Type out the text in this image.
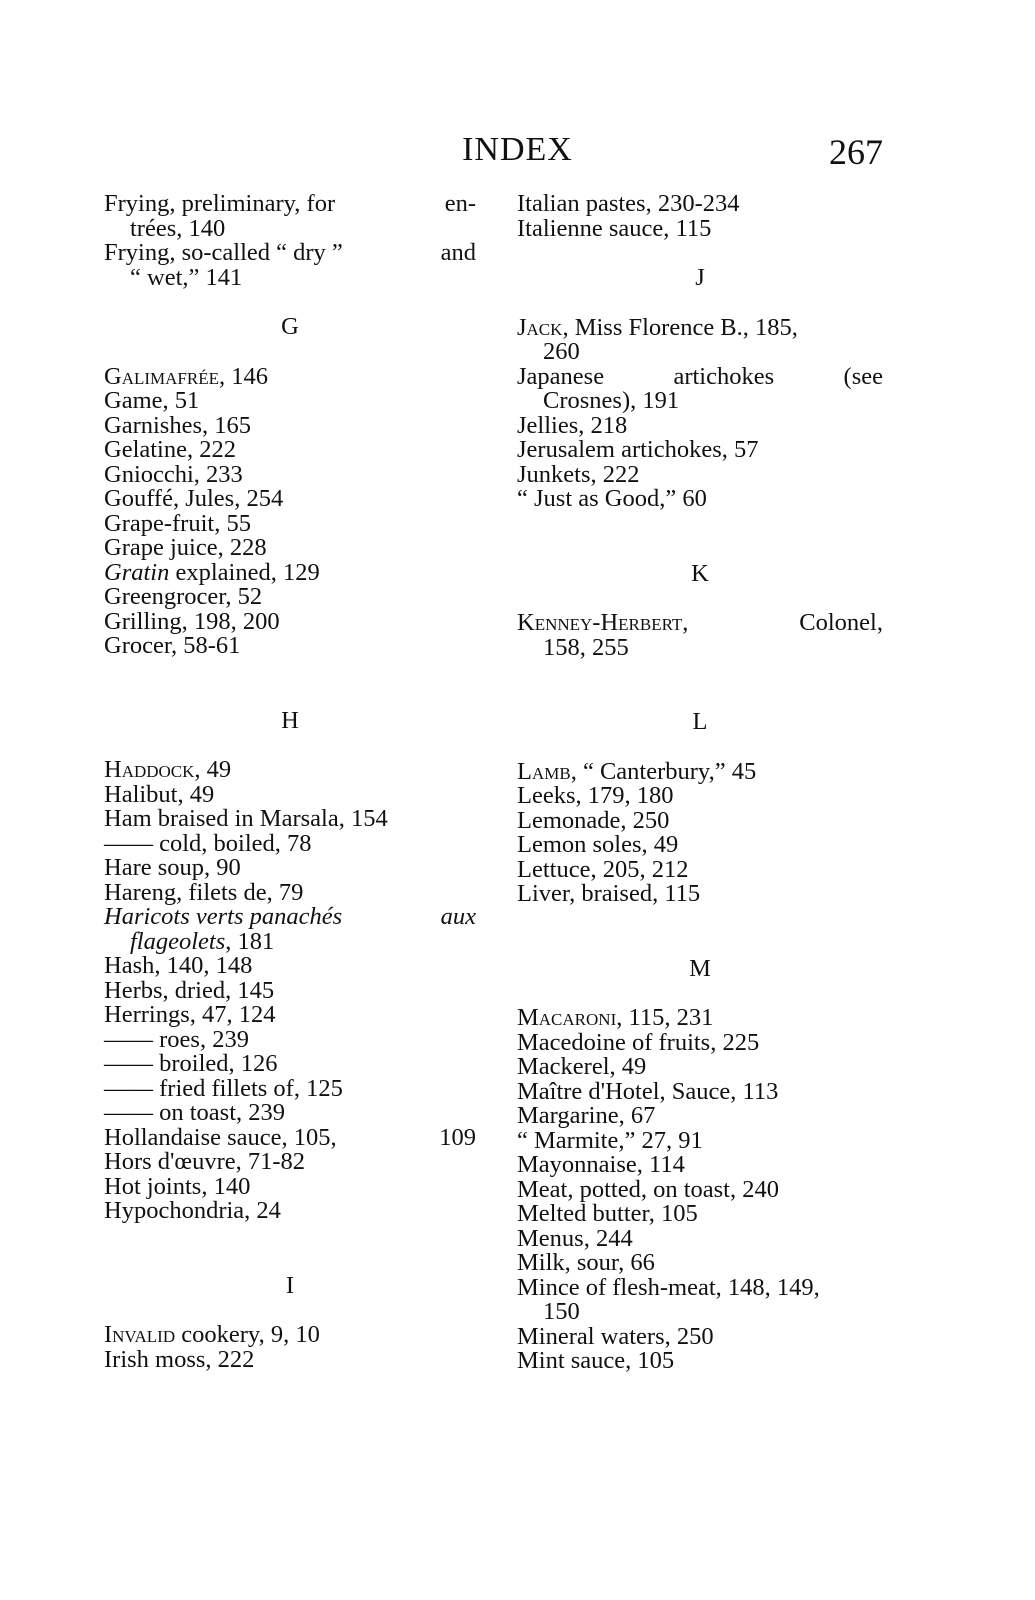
INDEX	267
Frying, preliminary, for	en-
trées, 140
Frying, so-called “ dry ”	and
“ wet,” 141
G
Galimafrée, 146
Game, 51
Garnishes, 165
Gelatine, 222
Gniocchi, 233
Gouffé, Jules, 254
Grape-fruit, 55
Grape juice, 228
Gratin explained, 129
Greengrocer, 52
Grilling, 198, 200
Grocer, 58-61
H
Haddock, 49
Halibut, 49
Ham braised in Marsala, 154
—— cold, boiled, 78
Hare soup, 90
Hareng, filets de, 79
Haricots verts panachés	aux
flageolets, 181
Hash, 140, 148
Herbs, dried, 145
Herrings, 47, 124
—— roes, 239
—— broiled, 126
—— fried fillets of, 125
—— on toast, 239
Hollandaise sauce, 105,	109
Hors d'œuvre, 71-82
Hot joints, 140
Hypochondria, 24
I
Invalid cookery, 9, 10
Irish moss, 222
Italian pastes, 230-234
Italienne sauce, 115
J
Jack, Miss Florence B., 185,
260
Japanese	artichokes	(see
Crosnes), 191
Jellies, 218
Jerusalem artichokes, 57
Junkets, 222
“ Just as Good,” 60
K
Kenney-Herbert,	Colonel,
158, 255
L
Lamb, “ Canterbury,” 45
Leeks, 179, 180
Lemonade, 250
Lemon soles, 49
Lettuce, 205, 212
Liver, braised, 115
M
Macaroni, 115, 231
Macedoine of fruits, 225
Mackerel, 49
Maître d'Hotel, Sauce, 113
Margarine, 67
“ Marmite,” 27, 91
Mayonnaise, 114
Meat, potted, on toast, 240
Melted butter, 105
Menus, 244
Milk, sour, 66
Mince of flesh-meat, 148, 149,
150
Mineral waters, 250
Mint sauce, 105
